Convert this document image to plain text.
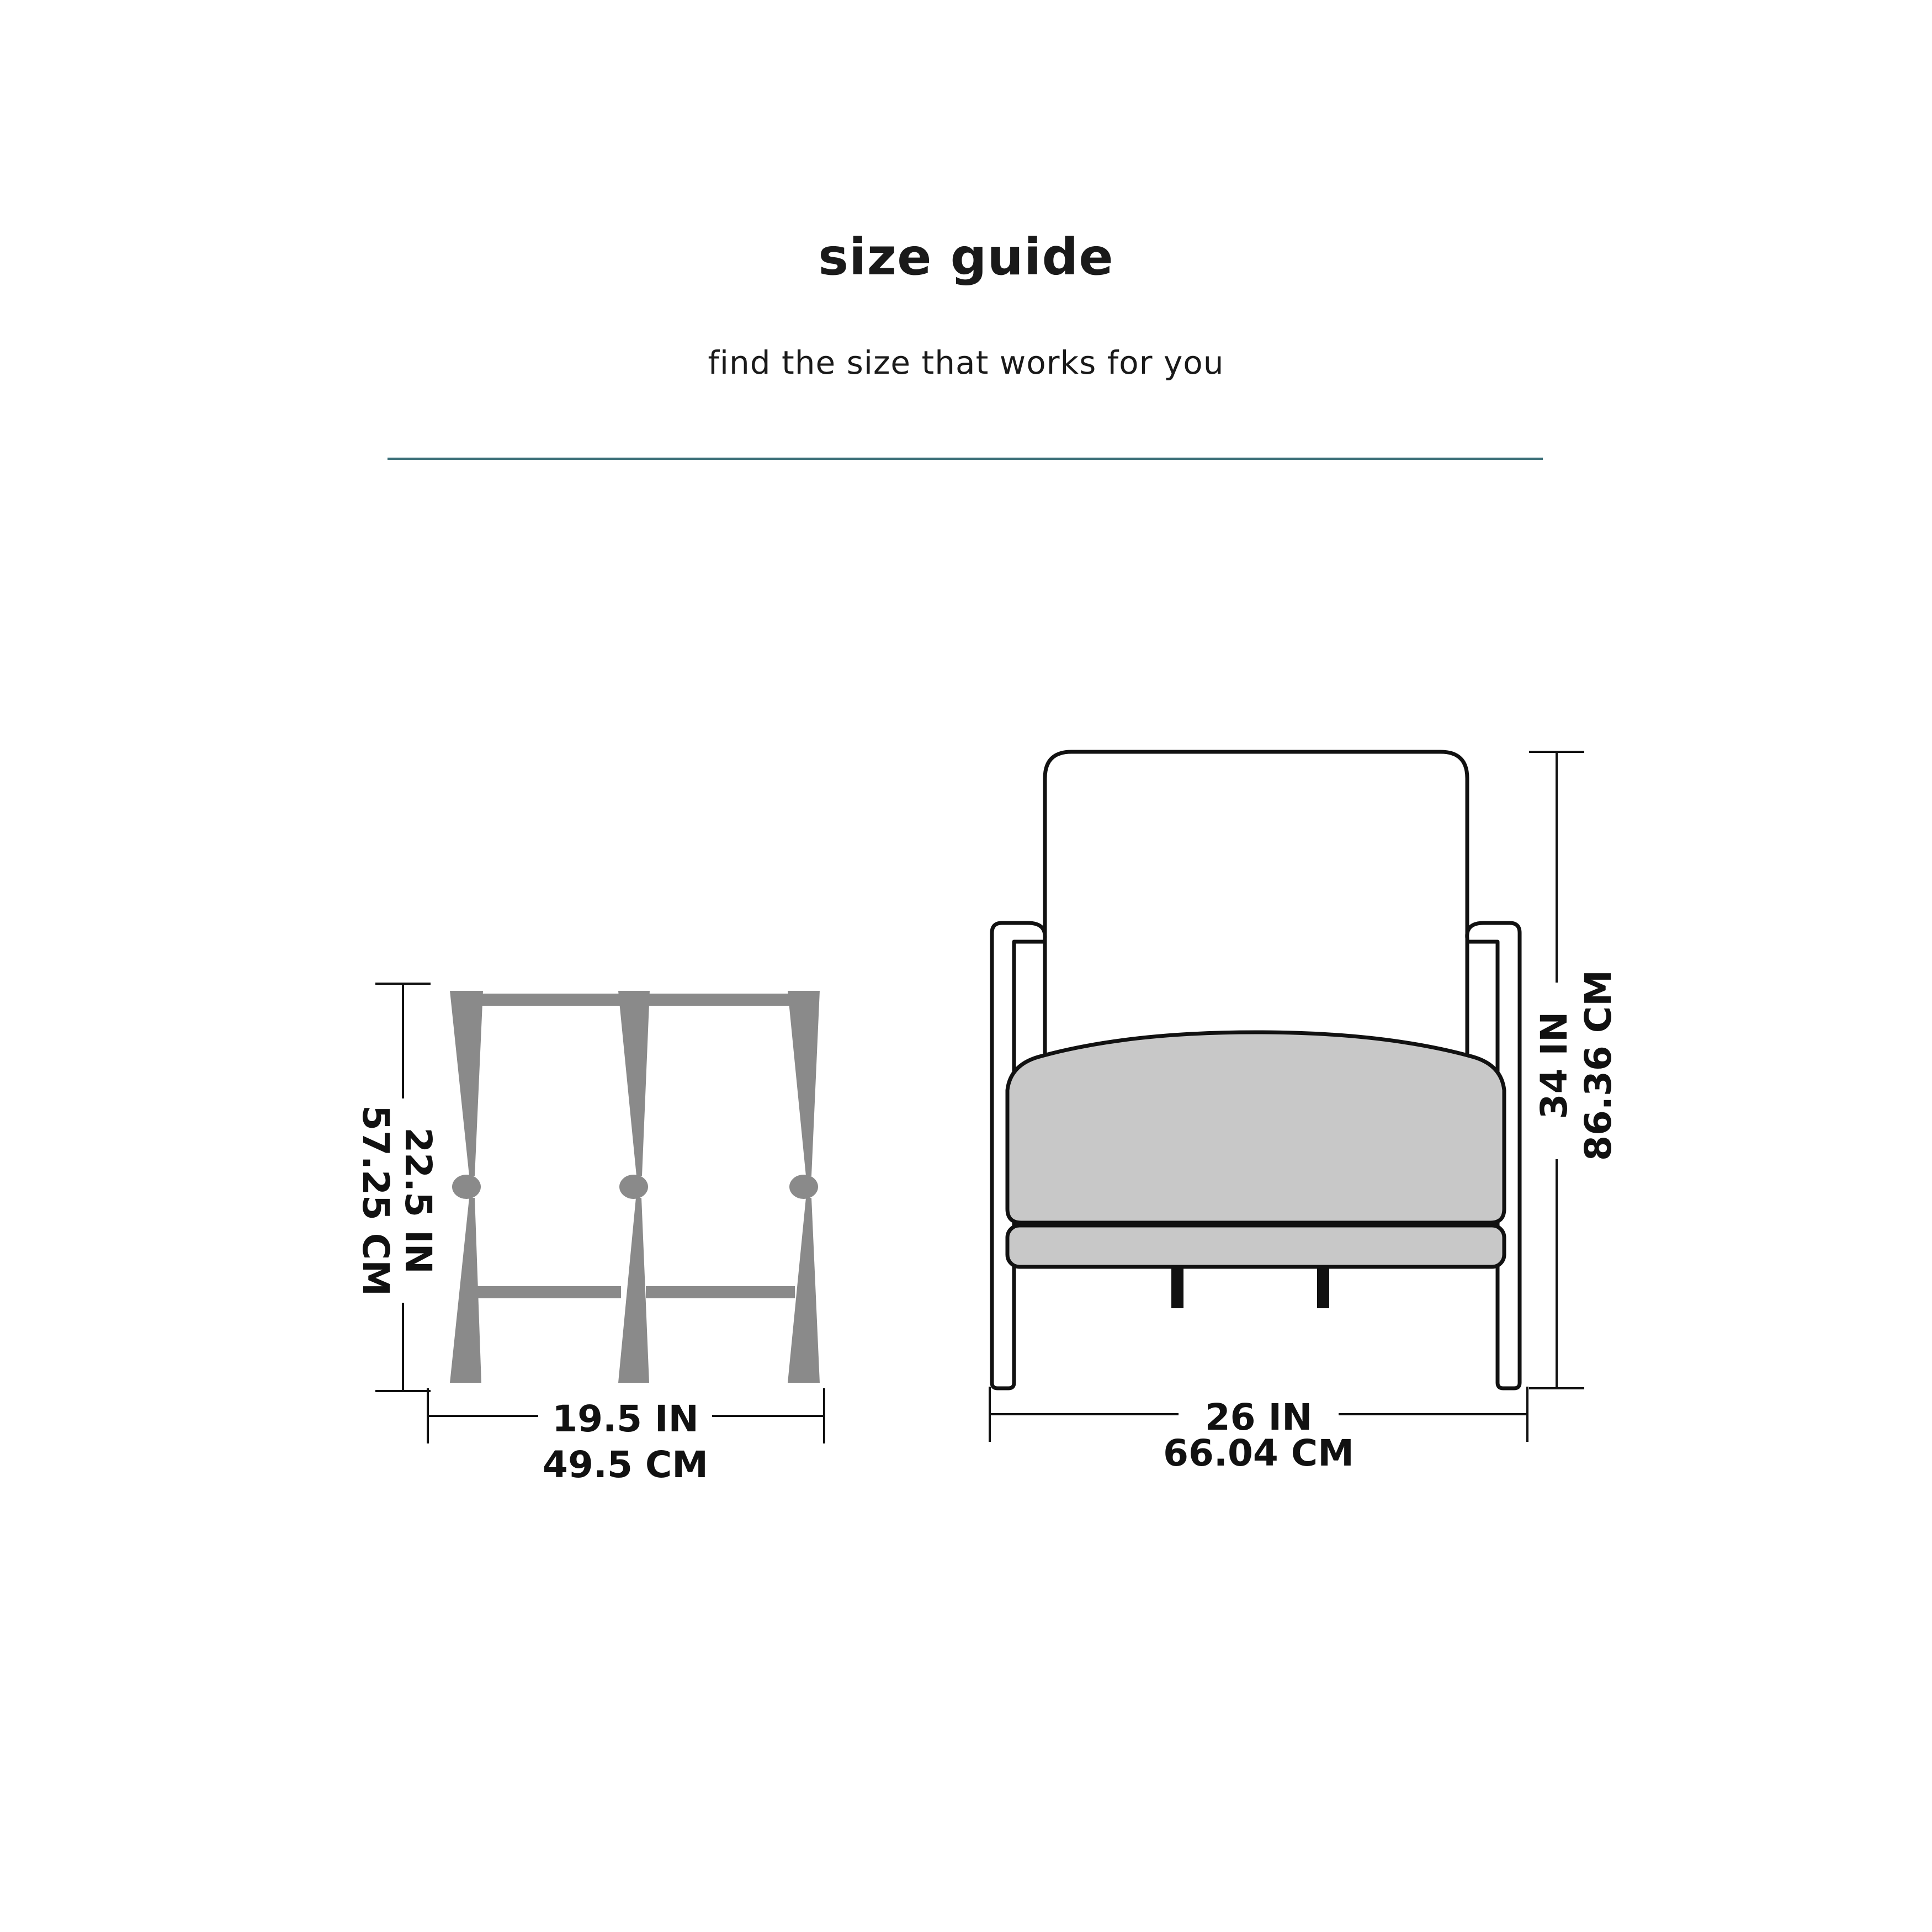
size guide
find the size that works for you
22.5 IN
57.25 CM
19.5 IN
49.5 CM
34 IN 86.36 CM
26 IN
66.04 CM
